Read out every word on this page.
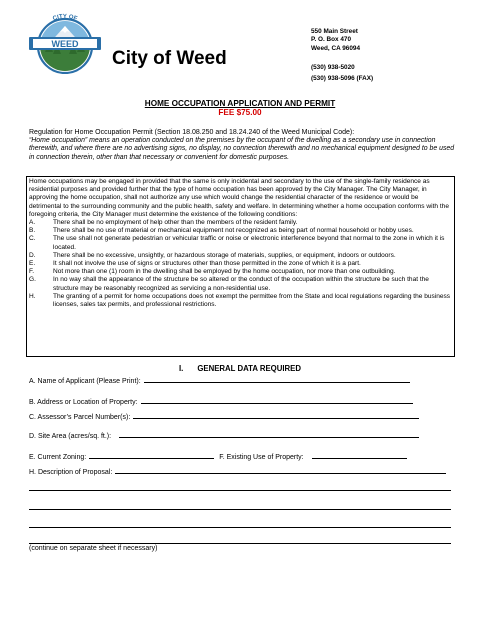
CITY OF
WEED
City of Weed
550 Main Street
P. O. Box 470
Weed, CA 96094
(530) 938-5020
(530) 938-5096 (FAX)
HOME OCCUPATION APPLICATION AND PERMIT
FEE $75.00
Regulation for Home Occupation Permit (Section 18.08.250 and 18.24.240 of the Weed Municipal Code):
“Home occupation” means an operation conducted on the premises by the occupant of the dwelling as a secondary use in connection therewith, and where there are no advertising signs, no display, no connection therewith and no mechanical equipment designed to be used in connection therein, other than that necessary or convenient for domestic purposes.

Home occupations may be engaged in provided that the same is only incidental and secondary to the use of the single-family residence as residential purposes and provided further that the type of home occupation has been approved by the City Manager. The City Manager, in approving the home occupation, shall not authorize any use which would change the residential character of the residence or would be detrimental to the surrounding community and the public health, safety and welfare. In determining whether a home occupation conforms with the foregoing criteria, the City Manager must determine the existence of the following conditions:

A.	There shall be no employment of help other than the members of the resident family.
B.	There shall be no use of material or mechanical equipment not recognized as being part of normal household or hobby uses.
C.	The use shall not generate pedestrian or vehicular traffic or noise or electronic interference beyond that normal to the zone in which it is located.
D.	There shall be no excessive, unsightly, or hazardous storage of materials, supplies, or equipment, indoors or outdoors.
E.	It shall not involve the use of signs or structures other than those permitted in the zone of which it is a part.
F.	Not more than one (1) room in the dwelling shall be employed by the home occupation, nor more than one outbuilding.
G.	In no way shall the appearance of the structure be so altered or the conduct of the occupation within the structure be such that the structure may be reasonably recognized as servicing a non-residential use.
H.	The granting of a permit for home occupations does not exempt the permittee from the State and local regulations regarding the business licenses, sales tax permits, and professional restrictions.
I. GENERAL DATA REQUIRED
A. Name of Applicant (Please Print):
B. Address or Location of Property:
C. Assessor’s Parcel Number(s):
D. Site Area (acres/sq. ft.):
E. Current Zoning:	F. Existing Use of Property:
H. Description of Proposal:
(continue on separate sheet if necessary)
